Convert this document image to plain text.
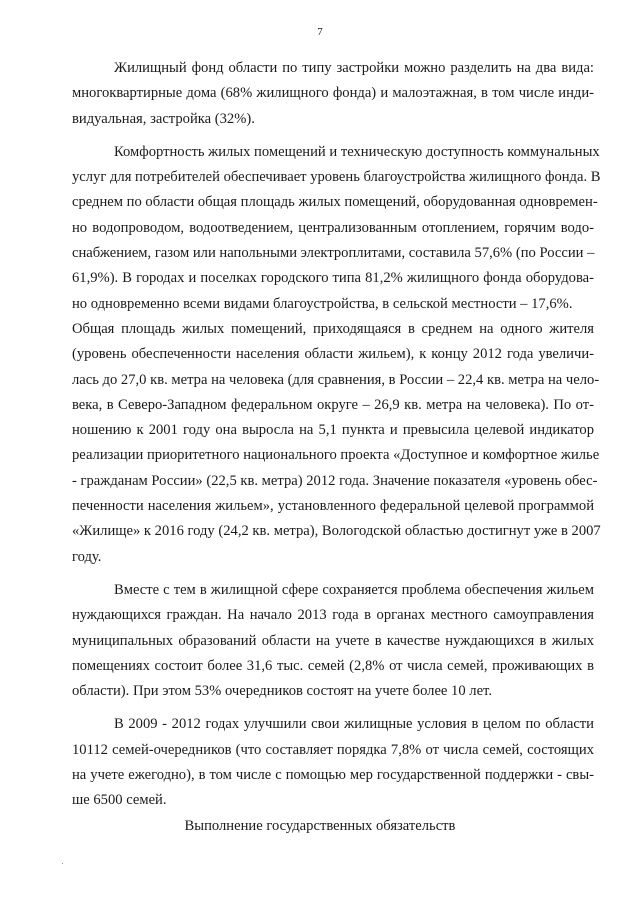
7
Жилищный фонд области по типу застройки можно разделить на два вида:
многоквартирные дома (68% жилищного фонда) и малоэтажная, в том числе инди-
видуальная, застройка (32%).
Комфортность жилых помещений и техническую доступность коммунальных
услуг для потребителей обеспечивает уровень благоустройства жилищного фонда. В
среднем по области общая площадь жилых помещений, оборудованная одновремен-
но водопроводом, водоотведением, централизованным отоплением, горячим водо-
снабжением, газом или напольными электроплитами, составила 57,6% (по России –
61,9%). В городах и поселках городского типа 81,2% жилищного фонда оборудова-
но одновременно всеми видами благоустройства, в сельской местности – 17,6%.
Общая площадь жилых помещений, приходящаяся в среднем на одного жителя
(уровень обеспеченности населения области жильем), к концу 2012 года увеличи-
лась до 27,0 кв. метра на человека (для сравнения, в России – 22,4 кв. метра на чело-
века, в Северо-Западном федеральном округе – 26,9 кв. метра на человека). По от-
ношению к 2001 году она выросла на 5,1 пункта и превысила целевой индикатор
реализации приоритетного национального проекта «Доступное и комфортное жилье
- гражданам России» (22,5 кв. метра) 2012 года. Значение показателя «уровень обес-
печенности населения жильем», установленного федеральной целевой программой
«Жилище» к 2016 году (24,2 кв. метра), Вологодской областью достигнут уже в 2007
году.
Вместе с тем в жилищной сфере сохраняется проблема обеспечения жильем
нуждающихся граждан. На начало 2013 года в органах местного самоуправления
муниципальных образований области на учете в качестве нуждающихся в жилых
помещениях состоит более 31,6 тыс. семей (2,8% от числа семей, проживающих в
области). При этом 53% очередников состоят на учете более 10 лет.
В 2009 - 2012 годах улучшили свои жилищные условия в целом по области
10112 семей-очередников (что составляет порядка 7,8% от числа семей, состоящих
на учете ежегодно), в том числе с помощью мер государственной поддержки - свы-
ше 6500 семей.
Выполнение государственных обязательств
